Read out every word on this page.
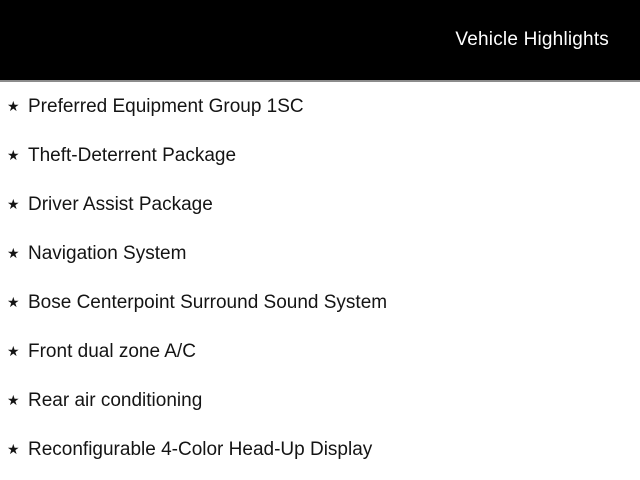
Vehicle Highlights
★ Preferred Equipment Group 1SC
★ Theft-Deterrent Package
★ Driver Assist Package
★ Navigation System
★ Bose Centerpoint Surround Sound System
★ Front dual zone A/C
★ Rear air conditioning
★ Reconfigurable 4-Color Head-Up Display
